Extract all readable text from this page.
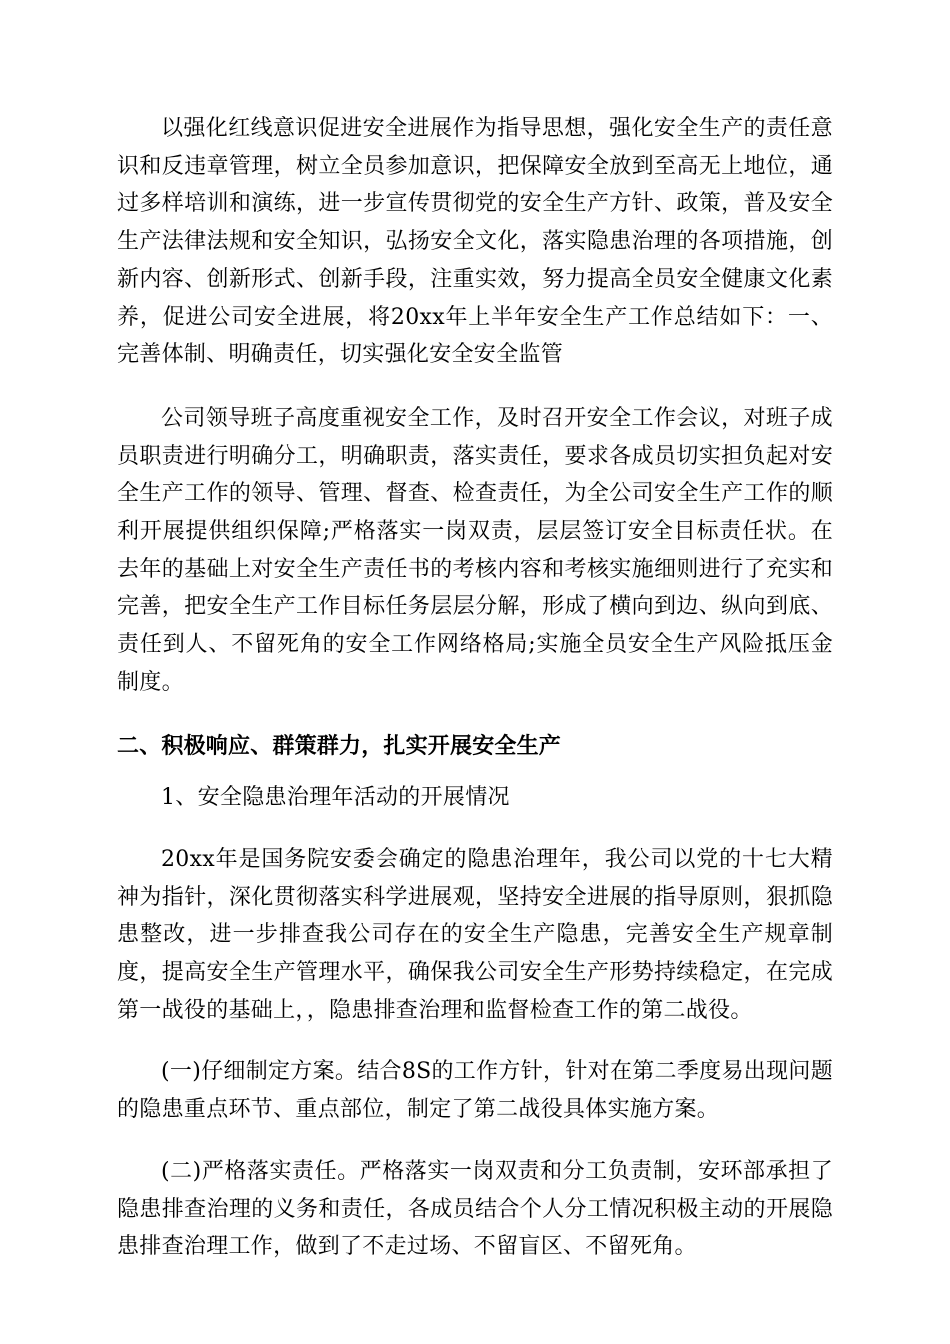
以强化红线意识促进安全进展作为指导思想，强化安全生产的责任意识和反违章管理，树立全员参加意识，把保障安全放到至高无上地位，通过多样培训和演练，进一步宣传贯彻党的安全生产方针、政策，普及安全生产法律法规和安全知识，弘扬安全文化，落实隐患治理的各项措施，创新内容、创新形式、创新手段，注重实效，努力提高全员安全健康文化素养，促进公司安全进展，将20xx年上半年安全生产工作总结如下：一、完善体制、明确责任，切实强化安全安全监管

公司领导班子高度重视安全工作，及时召开安全工作会议，对班子成员职责进行明确分工，明确职责，落实责任，要求各成员切实担负起对安全生产工作的领导、管理、督查、检查责任，为全公司安全生产工作的顺利开展提供组织保障;严格落实一岗双责，层层签订安全目标责任状。在去年的基础上对安全生产责任书的考核内容和考核实施细则进行了充实和完善，把安全生产工作目标任务层层分解，形成了横向到边、纵向到底、责任到人、不留死角的安全工作网络格局;实施全员安全生产风险抵压金制度。

二、积极响应、群策群力，扎实开展安全生产

1、安全隐患治理年活动的开展情况

20xx年是国务院安委会确定的隐患治理年，我公司以党的十七大精神为指针，深化贯彻落实科学进展观，坚持安全进展的指导原则，狠抓隐患整改，进一步排查我公司存在的安全生产隐患，完善安全生产规章制度，提高安全生产管理水平，确保我公司安全生产形势持续稳定，在完成第一战役的基础上，，隐患排查治理和监督检查工作的第二战役。

(一)仔细制定方案。结合8S的工作方针，针对在第二季度易出现问题的隐患重点环节、重点部位，制定了第二战役具体实施方案。

(二)严格落实责任。严格落实一岗双责和分工负责制，安环部承担了隐患排查治理的义务和责任，各成员结合个人分工情况积极主动的开展隐患排查治理工作，做到了不走过场、不留盲区、不留死角。
